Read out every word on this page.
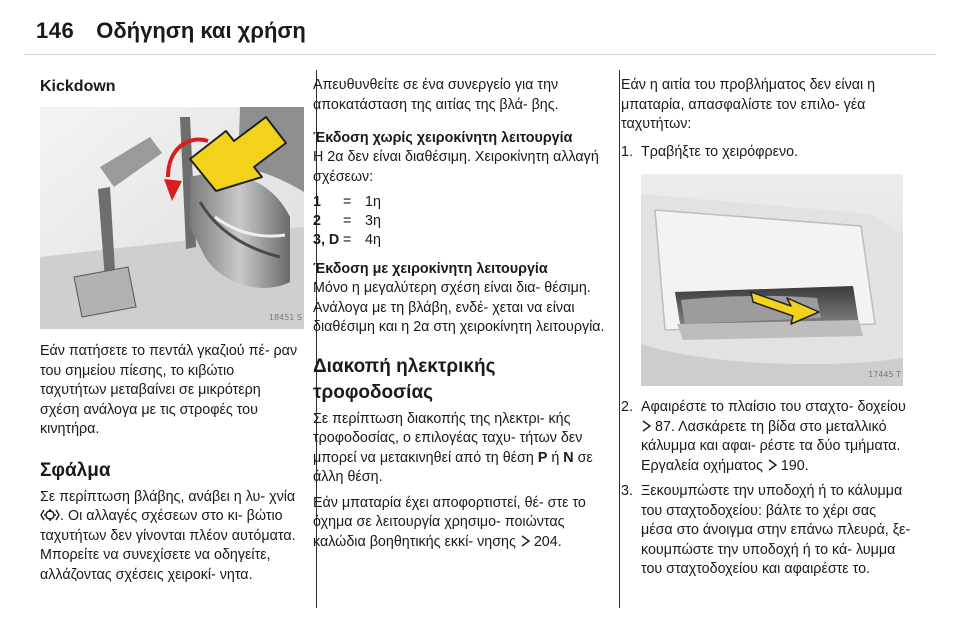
146 Οδήγηση και χρήση
Kickdown
18451 S

Εάν πατήσετε το πεντάλ γκαζιού πέ- ραν του σημείου πίεσης, το κιβώτιο ταχυτήτων μεταβαίνει σε μικρότερη σχέση ανάλογα με τις στροφές του κινητήρα.

Σφάλμα

Σε περίπτωση βλάβης, ανάβει η λυ- χνία . Οι αλλαγές σχέσεων στο κι- βώτιο ταχυτήτων δεν γίνονται πλέον αυτόματα. Μπορείτε να συνεχίσετε να οδηγείτε, αλλάζοντας σχέσεις χειροκί- νητα.

Απευθυνθείτε σε ένα συνεργείο για την αποκατάσταση της αιτίας της βλά- βης.

Έκδοση χωρίς χειροκίνητη λειτουργία

Η 2α δεν είναι διαθέσιμη. Χειροκίνητη αλλαγή σχέσεων:

1	= 1η
2	= 3η
3, D = 4η
Έκδοση με χειροκίνητη λειτουργία

Μόνο η μεγαλύτερη σχέση είναι δια- θέσιμη. Ανάλογα με τη βλάβη, ενδέ- χεται να είναι διαθέσιμη και η 2α στη χειροκίνητη λειτουργία.

Διακοπή ηλεκτρικής τροφοδοσίας

Σε περίπτωση διακοπής της ηλεκτρι- κής τροφοδοσίας, ο επιλογέας ταχυ- τήτων δεν μπορεί να μετακινηθεί από τη θέση P ή N σε άλλη θέση.

Εάν μπαταρία έχει αποφορτιστεί, θέ- στε το όχημα σε λειτουργία χρησιμο- ποιώντας καλώδια βοηθητικής εκκί- νησης 204.

Εάν η αιτία του προβλήματος δεν είναι η μπαταρία, απασφαλίστε τον επιλο- γέα ταχυτήτων:

1. Τραβήξτε το χειρόφρενο.
17445 T
2. Αφαιρέστε το πλαίσιο του σταχτο- δοχείου 87. Λασκάρετε τη βίδα στο μεταλλικό κάλυμμα και αφαι- ρέστε τα δύο τμήματα. Εργαλεία οχήματος 190.
3. Ξεκουμπώστε την υποδοχή ή το κάλυμμα του σταχτοδοχείου: βάλτε το χέρι σας μέσα στο άνοιγμα στην επάνω πλευρά, ξε- κουμπώστε την υποδοχή ή το κά- λυμμα του σταχτοδοχείου και αφαιρέστε το.
